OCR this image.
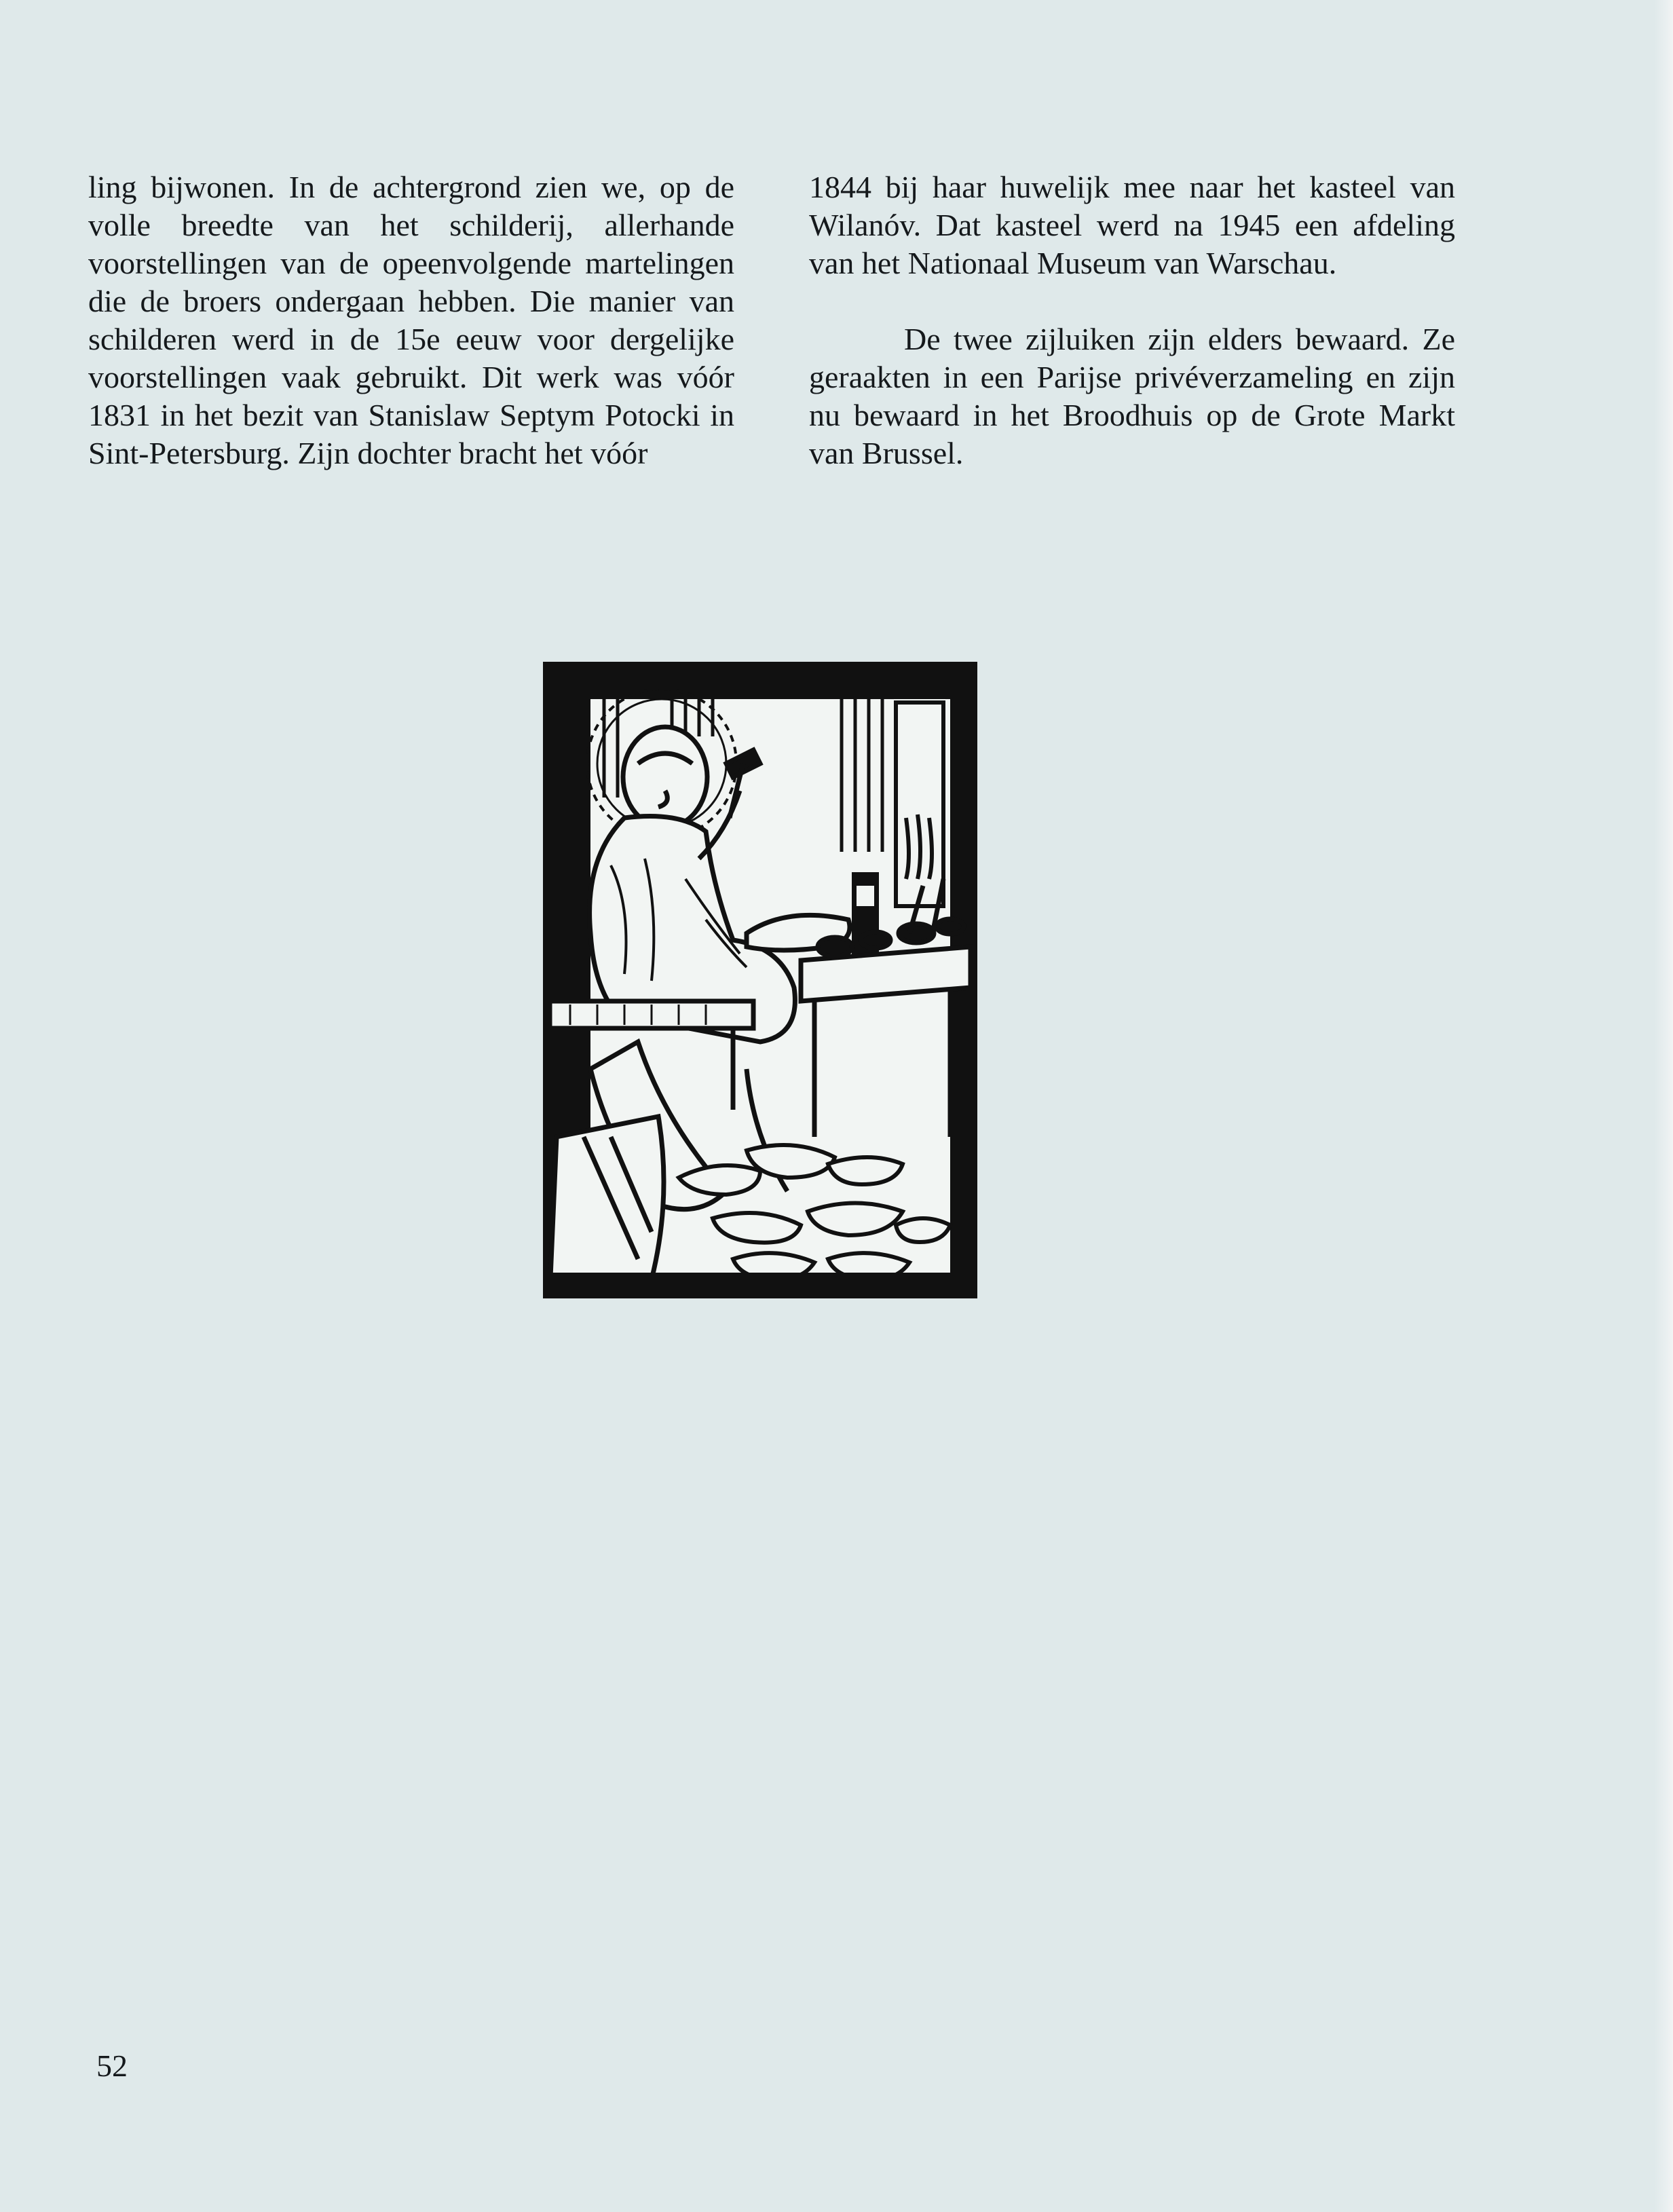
ling bijwonen. In de achtergrond zien we, op de volle breedte van het schilderij, allerhande voorstellingen van de opeenvolgende martelingen die de broers ondergaan hebben. Die manier van schilderen werd in de 15e eeuw voor dergelijke voorstellingen vaak gebruikt. Dit werk was vóór 1831 in het bezit van Stanislaw Septym Potocki in Sint-Petersburg. Zijn dochter bracht het vóór

1844 bij haar huwelijk mee naar het kasteel van Wilanóv. Dat kasteel werd na 1945 een afdeling van het Nationaal Museum van Warschau.

De twee zijluiken zijn elders bewaard. Ze geraakten in een Parijse privéverzameling en zijn nu bewaard in het Broodhuis op de Grote Markt van Brussel.

52
